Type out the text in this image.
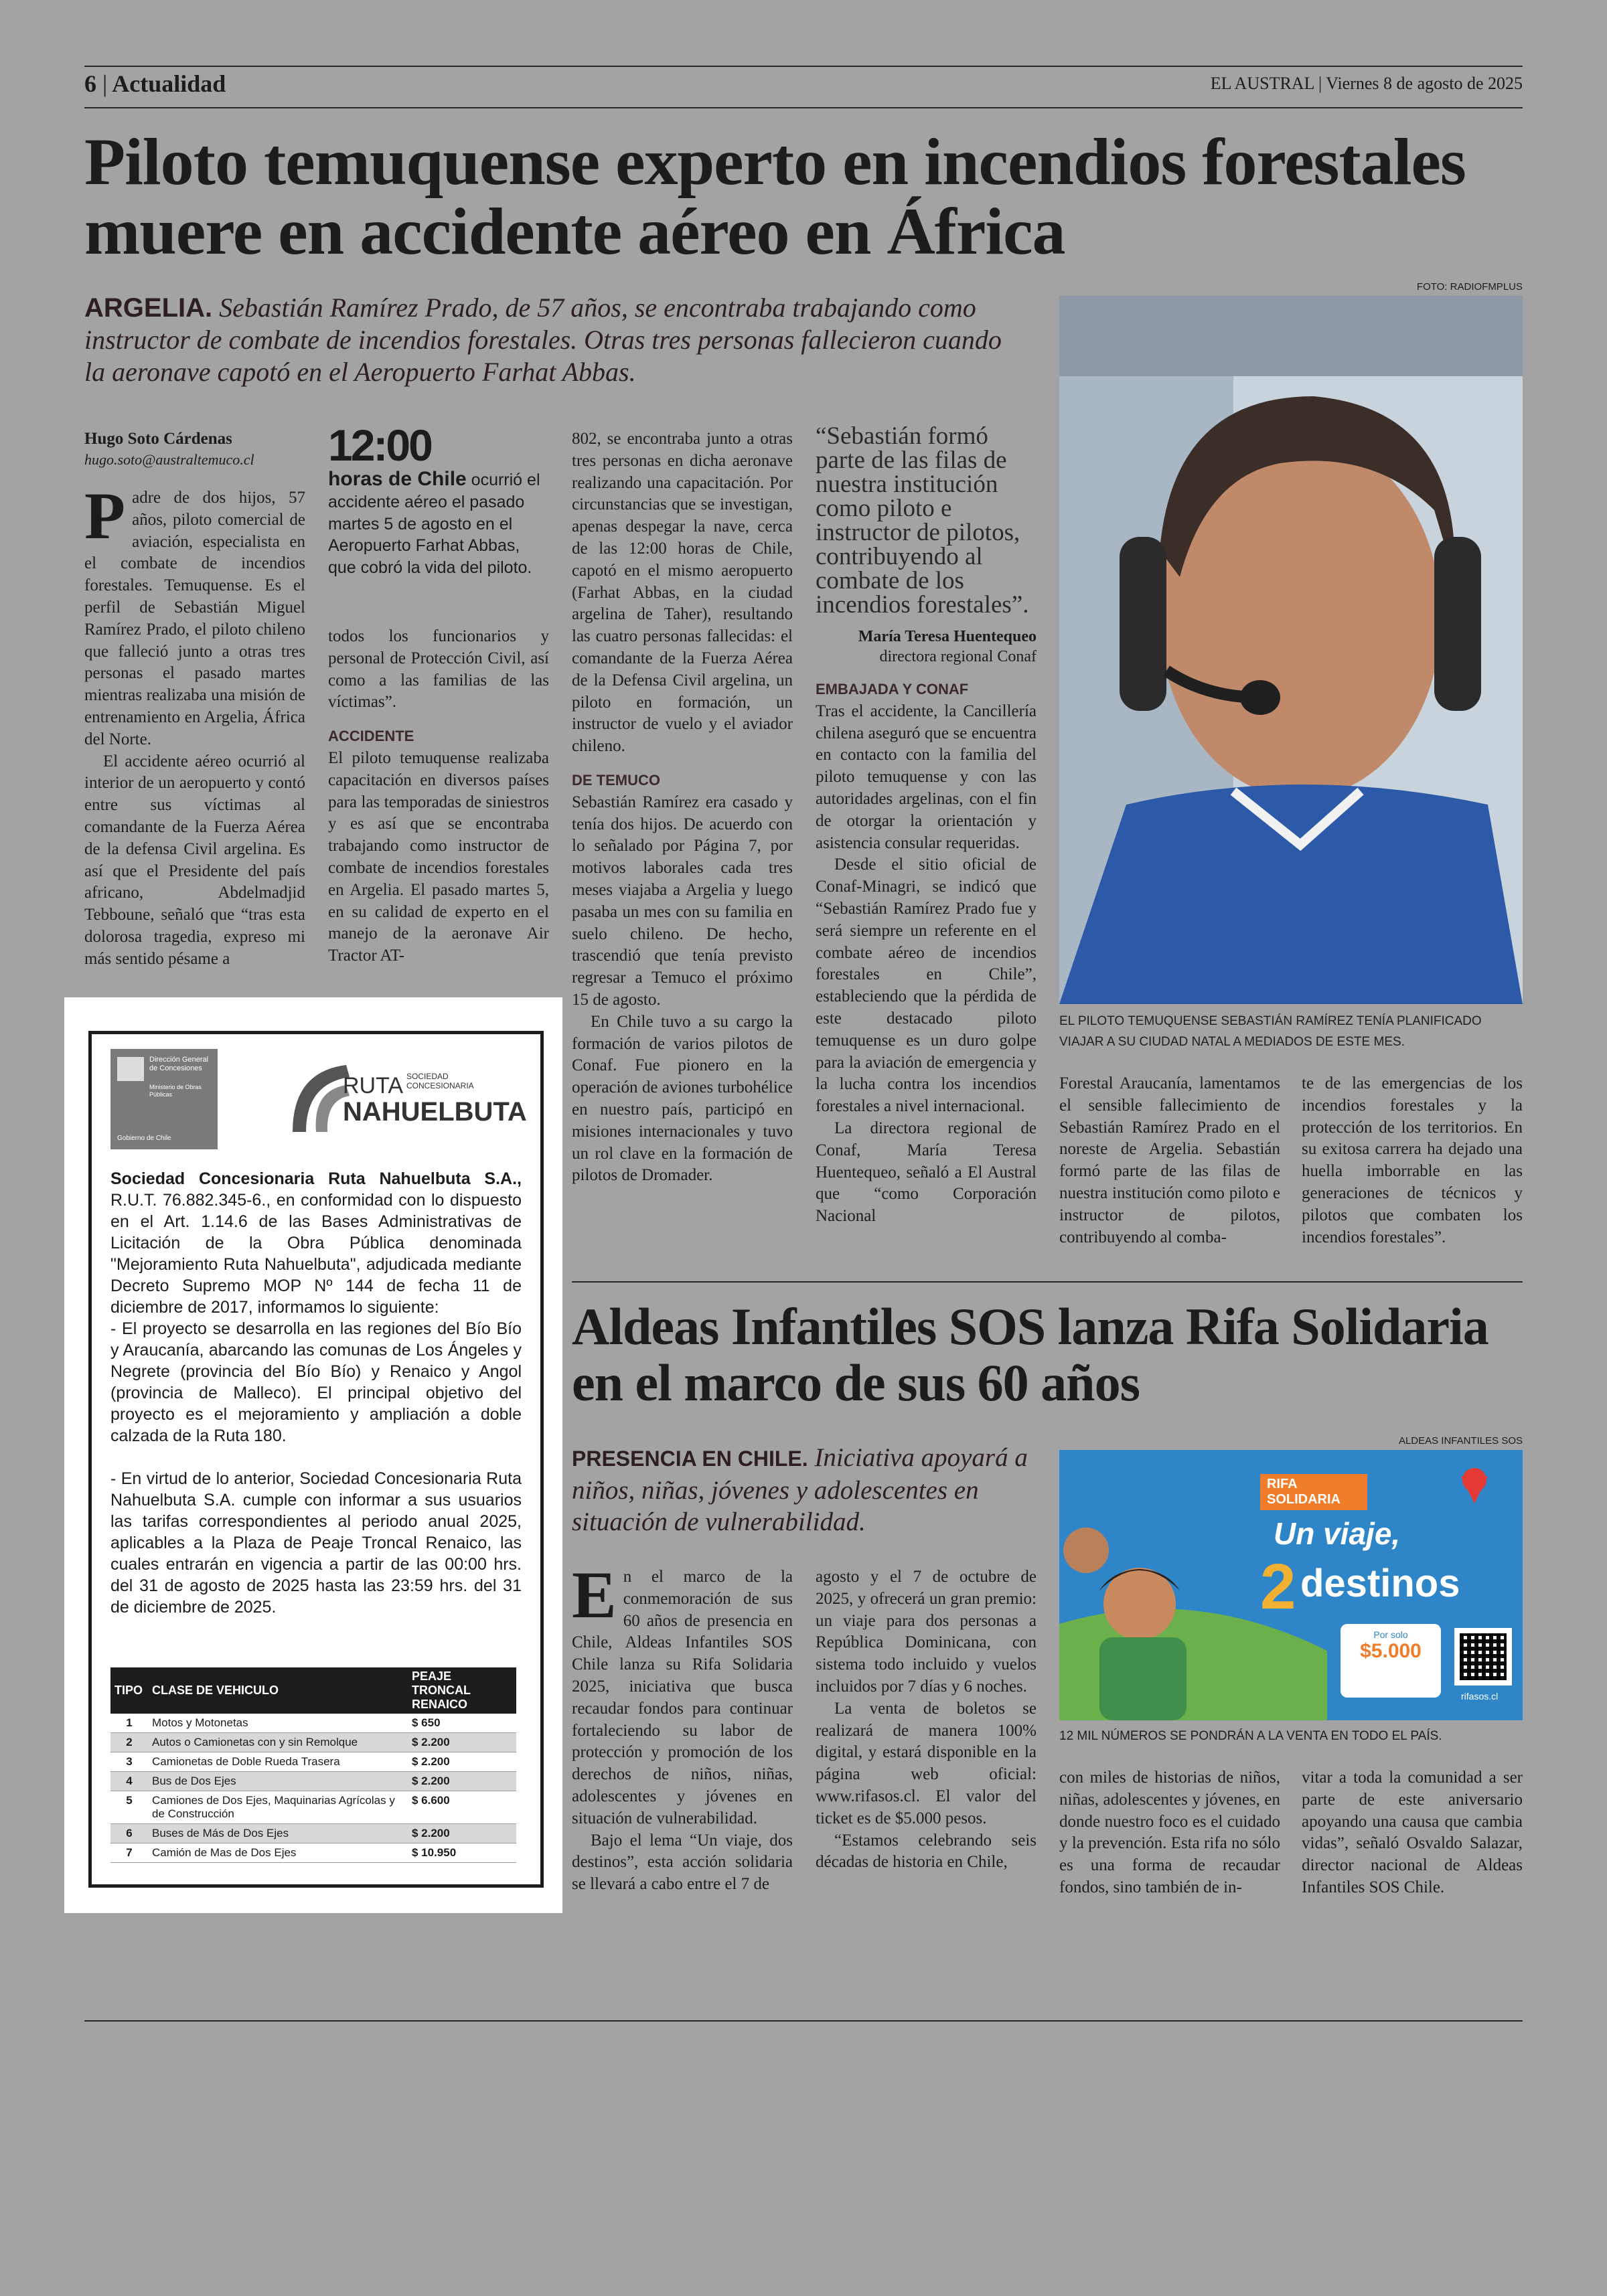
6 | Actualidad	EL AUSTRAL | Viernes 8 de agosto de 2025
Piloto temuquense experto en incendios forestales muere en accidente aéreo en África
ARGELIA. Sebastián Ramírez Prado, de 57 años, se encontraba trabajando como instructor de combate de incendios forestales. Otras tres personas fallecieron cuando la aeronave capotó en el Aeropuerto Farhat Abbas.
Hugo Soto Cárdenas
hugo.soto@australtemuco.cl

Padre de dos hijos, 57 años, piloto comercial de aviación, especialista en el combate de incendios forestales. Temuquense. Es el perfil de Sebastián Miguel Ramírez Prado, el piloto chileno que falleció junto a otras tres personas el pasado martes mientras realizaba una misión de entrenamiento en Argelia, África del Norte.

El accidente aéreo ocurrió al interior de un aeropuerto y contó entre sus víctimas al comandante de la Fuerza Aérea de la defensa Civil argelina. Es así que el Presidente del país africano, Abdelmadjid Tebboune, señaló que “tras esta dolorosa tragedia, expreso mi más sentido pésame a

12:00

horas de Chile ocurrió el accidente aéreo el pasado martes 5 de agosto en el Aeropuerto Farhat Abbas, que cobró la vida del piloto.

todos los funcionarios y personal de Protección Civil, así como a las familias de las víctimas”.

ACCIDENTE

El piloto temuquense realizaba capacitación en diversos países para las temporadas de siniestros y es así que se encontraba trabajando como instructor de combate de incendios forestales en Argelia. El pasado martes 5, en su calidad de experto en el manejo de la aeronave Air Tractor AT-

802, se encontraba junto a otras tres personas en dicha aeronave realizando una capacitación. Por circunstancias que se investigan, apenas despegar la nave, cerca de las 12:00 horas de Chile, capotó en el mismo aeropuerto (Farhat Abbas, en la ciudad argelina de Taher), resultando las cuatro personas fallecidas: el comandante de la Fuerza Aérea de la Defensa Civil argelina, un piloto en formación, un instructor de vuelo y el aviador chileno.

DE TEMUCO

Sebastián Ramírez era casado y tenía dos hijos. De acuerdo con lo señalado por Página 7, por motivos laborales cada tres meses viajaba a Argelia y luego pasaba un mes con su familia en suelo chileno. De hecho, trascendió que tenía previsto regresar a Temuco el próximo 15 de agosto.

En Chile tuvo a su cargo la formación de varios pilotos de Conaf. Fue pionero en la operación de aviones turbohélice en nuestro país, participó en misiones internacionales y tuvo un rol clave en la formación de pilotos de Dromader.

“Sebastián formó parte de las filas de nuestra institución como piloto e instructor de pilotos, contribuyendo al combate de los incendios forestales”.
María Teresa Huentequeo
directora regional Conaf
EMBAJADA Y CONAF

Tras el accidente, la Cancillería chilena aseguró que se encuentra en contacto con la familia del piloto temuquense y con las autoridades argelinas, con el fin de otorgar la orientación y asistencia consular requeridas.

Desde el sitio oficial de Conaf-Minagri, se indicó que “Sebastián Ramírez Prado fue y será siempre un referente en el combate aéreo de incendios forestales en Chile”, estableciendo que la pérdida de este destacado piloto temuquense es un duro golpe para la aviación de emergencia y la lucha contra los incendios forestales a nivel internacional.

La directora regional de Conaf, María Teresa Huentequeo, señaló a El Austral que “como Corporación Nacional

FOTO: RADIOFMPLUS
EL PILOTO TEMUQUENSE SEBASTIÁN RAMÍREZ TENÍA PLANIFICADO VIAJAR A SU CIUDAD NATAL A MEDIADOS DE ESTE MES.

Forestal Araucanía, lamentamos el sensible fallecimiento de Sebastián Ramírez Prado en el noreste de Argelia. Sebastián formó parte de las filas de nuestra institución como piloto e instructor de pilotos, contribuyendo al comba-

te de las emergencias de los incendios forestales y la protección de los territorios. En su exitosa carrera ha dejado una huella imborrable en las generaciones de técnicos y pilotos que combaten los incendios forestales”.

Dirección General de Concesiones
Ministerio de Obras Públicas
Gobierno de Chile
RUTA SOCIEDAD CONCESIONARIA
NAHUELBUTA

Sociedad Concesionaria Ruta Nahuelbuta S.A., R.U.T. 76.882.345-6., en conformidad con lo dispuesto en el Art. 1.14.6 de las Bases Administrativas de Licitación de la Obra Pública denominada "Mejoramiento Ruta Nahuelbuta", adjudicada mediante Decreto Supremo MOP Nº 144 de fecha 11 de diciembre de 2017, informamos lo siguiente:

- El proyecto se desarrolla en las regiones del Bío Bío y Araucanía, abarcando las comunas de Los Ángeles y Negrete (provincia del Bío Bío) y Renaico y Angol (provincia de Malleco). El principal objetivo del proyecto es el mejoramiento y ampliación a doble calzada de la Ruta 180.

- En virtud de lo anterior, Sociedad Concesionaria Ruta Nahuelbuta S.A. cumple con informar a sus usuarios las tarifas correspondientes al periodo anual 2025, aplicables a la Plaza de Peaje Troncal Renaico, las cuales entrarán en vigencia a partir de las 00:00 hrs. del 31 de agosto de 2025 hasta las 23:59 hrs. del 31 de diciembre de 2025.

TIPO	CLASE DE VEHICULO	PEAJE TRONCAL RENAICO
1	Motos y Motonetas	$ 650
2	Autos o Camionetas con y sin Remolque	$ 2.200
3	Camionetas de Doble Rueda Trasera	$ 2.200
4	Bus de Dos Ejes	$ 2.200
5	Camiones de Dos Ejes, Maquinarias Agrícolas y de Construcción	$ 6.600
6	Buses de Más de Dos Ejes	$ 2.200
7	Camión de Mas de Dos Ejes	$ 10.950
Aldeas Infantiles SOS lanza Rifa Solidaria en el marco de sus 60 años
PRESENCIA EN CHILE. Iniciativa apoyará a niños, niñas, jóvenes y adolescentes en situación de vulnerabilidad.
ALDEAS INFANTILES SOS
RIFA SOLIDARIA
Un viaje,
2 destinos
Por solo
$5.000
rifasos.cl
12 MIL NÚMEROS SE PONDRÁN A LA VENTA EN TODO EL PAÍS.

En el marco de la conmemoración de sus 60 años de presencia en Chile, Aldeas Infantiles SOS Chile lanza su Rifa Solidaria 2025, iniciativa que busca recaudar fondos para continuar fortaleciendo su labor de protección y promoción de los derechos de niños, niñas, adolescentes y jóvenes en situación de vulnerabilidad.

Bajo el lema “Un viaje, dos destinos”, esta acción solidaria se llevará a cabo entre el 7 de

agosto y el 7 de octubre de 2025, y ofrecerá un gran premio: un viaje para dos personas a República Dominicana, con sistema todo incluido y vuelos incluidos por 7 días y 6 noches.

La venta de boletos se realizará de manera 100% digital, y estará disponible en la página web oficial: www.rifasos.cl. El valor del ticket es de $5.000 pesos.

“Estamos celebrando seis décadas de historia en Chile,

con miles de historias de niños, niñas, adolescentes y jóvenes, en donde nuestro foco es el cuidado y la prevención. Esta rifa no sólo es una forma de recaudar fondos, sino también de in-

vitar a toda la comunidad a ser parte de este aniversario apoyando una causa que cambia vidas”, señaló Osvaldo Salazar, director nacional de Aldeas Infantiles SOS Chile.
